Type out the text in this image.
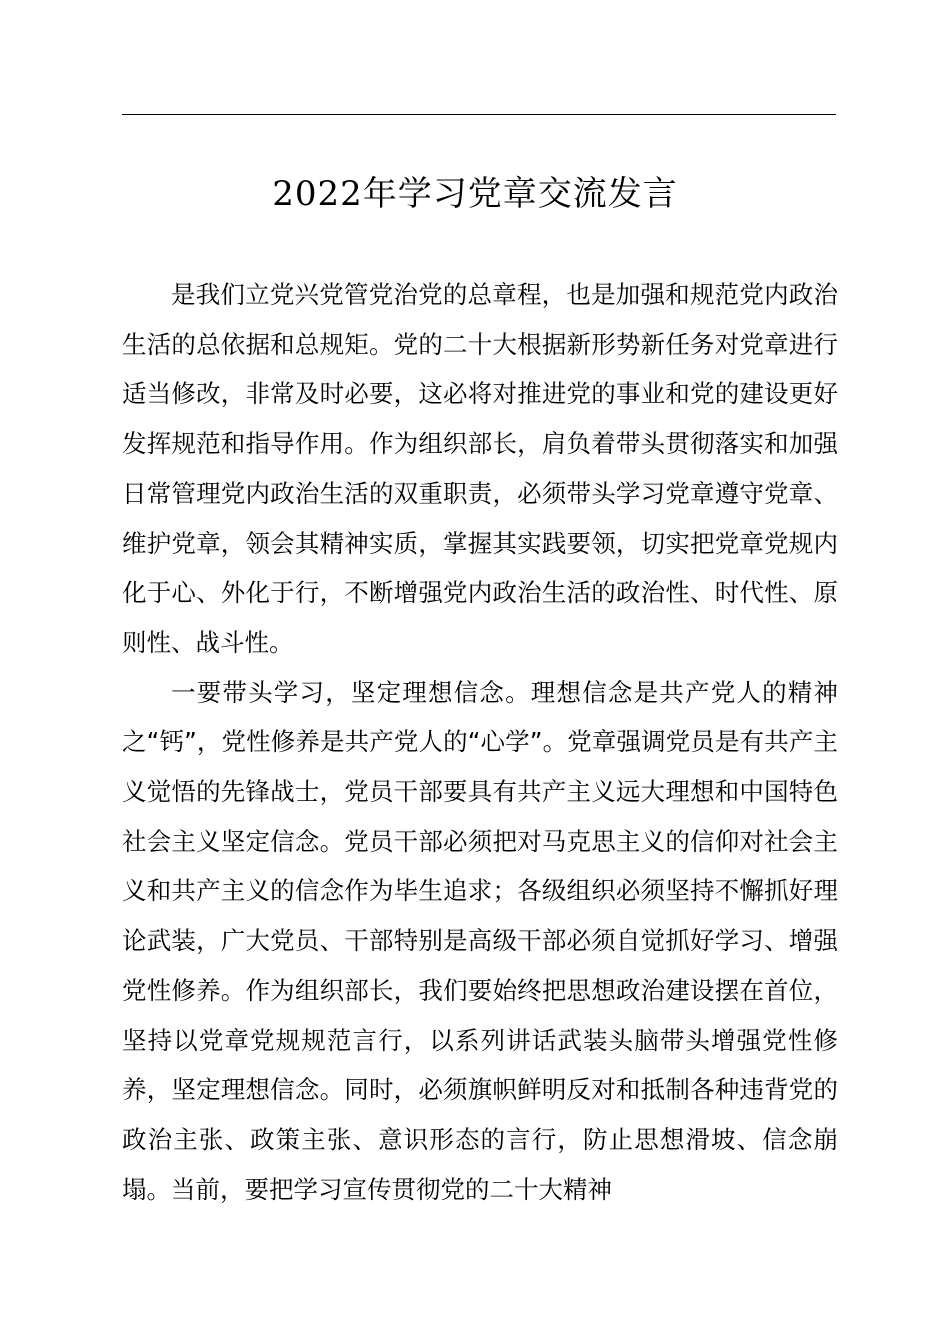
2022年学习党章交流发言

是我们立党兴党管党治党的总章程，也是加强和规范党内政治生活的总依据和总规矩。党的二十大根据新形势新任务对党章进行适当修改，非常及时必要，这必将对推进党的事业和党的建设更好发挥规范和指导作用。作为组织部长，肩负着带头贯彻落实和加强日常管理党内政治生活的双重职责，必须带头学习党章遵守党章、维护党章，领会其精神实质，掌握其实践要领，切实把党章党规内化于心、外化于行，不断增强党内政治生活的政治性、时代性、原则性、战斗性。

一要带头学习，坚定理想信念。理想信念是共产党人的精神之“钙”，党性修养是共产党人的“心学”。党章强调党员是有共产主义觉悟的先锋战士，党员干部要具有共产主义远大理想和中国特色社会主义坚定信念。党员干部必须把对马克思主义的信仰对社会主义和共产主义的信念作为毕生追求；各级组织必须坚持不懈抓好理论武装，广大党员、干部特别是高级干部必须自觉抓好学习、增强党性修养。作为组织部长，我们要始终把思想政治建设摆在首位，坚持以党章党规规范言行，以系列讲话武装头脑带头增强党性修养，坚定理想信念。同时，必须旗帜鲜明反对和抵制各种违背党的政治主张、政策主张、意识形态的言行，防止思想滑坡、信念崩塌。当前，要把学习宣传贯彻党的二十大精神
